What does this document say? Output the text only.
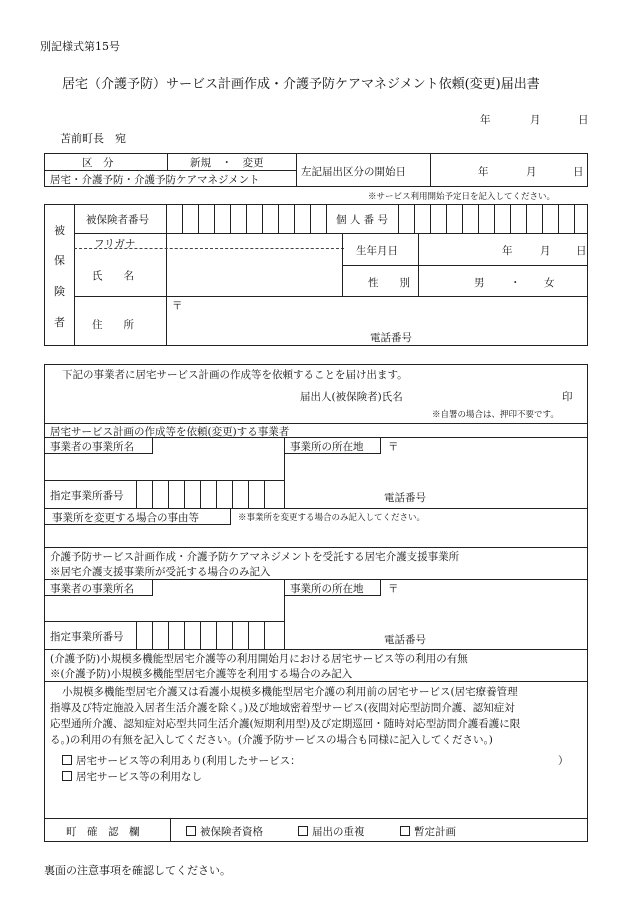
別記様式第15号
居宅（介護予防）サービス計画作成・介護予防ケアマネジメント依頼(変更)届出書
年	月	日
苫前町長　宛
区　分	新規　・　変更
居宅・介護予防・介護予防ケアマネジメント
左記届出区分の開始日	年	月	日
※サービス利用開始予定日を記入してください。
被
保
険
者
被保険者番号	個 人 番 号
フリガナ
氏　　名
生年月日	年	月 日
性　　別	男 ・ 女
住　　所
〒
電話番号
下記の事業者に居宅サービス計画の作成等を依頼することを届け出ます。
届出人(被保険者)氏名	印
※自署の場合は、押印不要です。
居宅サービス計画の作成等を依頼(変更)する事業者
事業者の事業所名	事業所の所在地 〒
指定事業所番号	電話番号
事業所を変更する場合の事由等	※事業所を変更する場合のみ記入してください。
介護予防サービス計画作成・介護予防ケアマネジメントを受託する居宅介護支援事業所
※居宅介護支援事業所が受託する場合のみ記入
事業者の事業所名	事業所の所在地 〒
指定事業所番号	電話番号
(介護予防)小規模多機能型居宅介護等の利用開始月における居宅サービス等の利用の有無
※(介護予防)小規模多機能型居宅介護等を利用する場合のみ記入
小規模多機能型居宅介護又は看護小規模多機能型居宅介護の利用前の居宅サービス(居宅療養管理
指導及び特定施設入居者生活介護を除く。)及び地域密着型サービス(夜間対応型訪問介護、認知症対
応型通所介護、認知症対応型共同生活介護(短期利用型)及び定期巡回・随時対応型訪問介護看護に限
る。)の利用の有無を記入してください。(介護予防サービスの場合も同様に記入してください。)
居宅サービス等の利用あり(利用したサービス：	）
居宅サービス等の利用なし
町　確　認　欄	被保険者資格	届出の重複	暫定計画
裏面の注意事項を確認してください。
